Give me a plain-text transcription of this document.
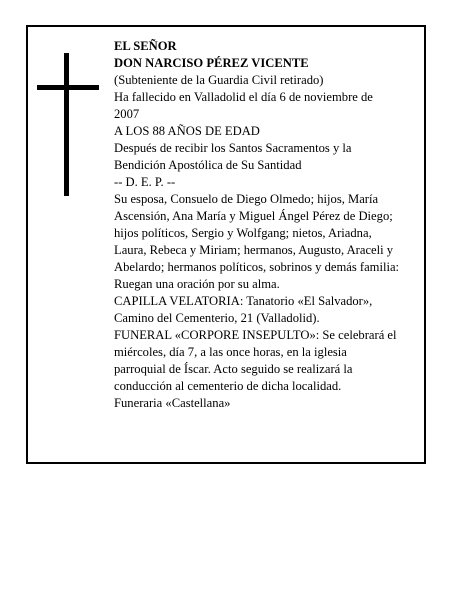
EL SEÑOR
DON NARCISO PÉREZ VICENTE
(Subteniente de la Guardia Civil retirado)
Ha fallecido en Valladolid el día 6 de noviembre de
2007
A LOS 88 AÑOS DE EDAD
Después de recibir los Santos Sacramentos y la
Bendición Apostólica de Su Santidad
-- D. E. P. --
Su esposa, Consuelo de Diego Olmedo; hijos, María
Ascensión, Ana María y Miguel Ángel Pérez de Diego;
hijos políticos, Sergio y Wolfgang; nietos, Ariadna,
Laura, Rebeca y Miriam; hermanos, Augusto, Araceli y
Abelardo; hermanos políticos, sobrinos y demás familia:
Ruegan una oración por su alma.
CAPILLA VELATORIA: Tanatorio «El Salvador»,
Camino del Cementerio, 21 (Valladolid).
FUNERAL «CORPORE INSEPULTO»: Se celebrará el
miércoles, día 7, a las once horas, en la iglesia
parroquial de Íscar. Acto seguido se realizará la
conducción al cementerio de dicha localidad.
Funeraria «Castellana»
